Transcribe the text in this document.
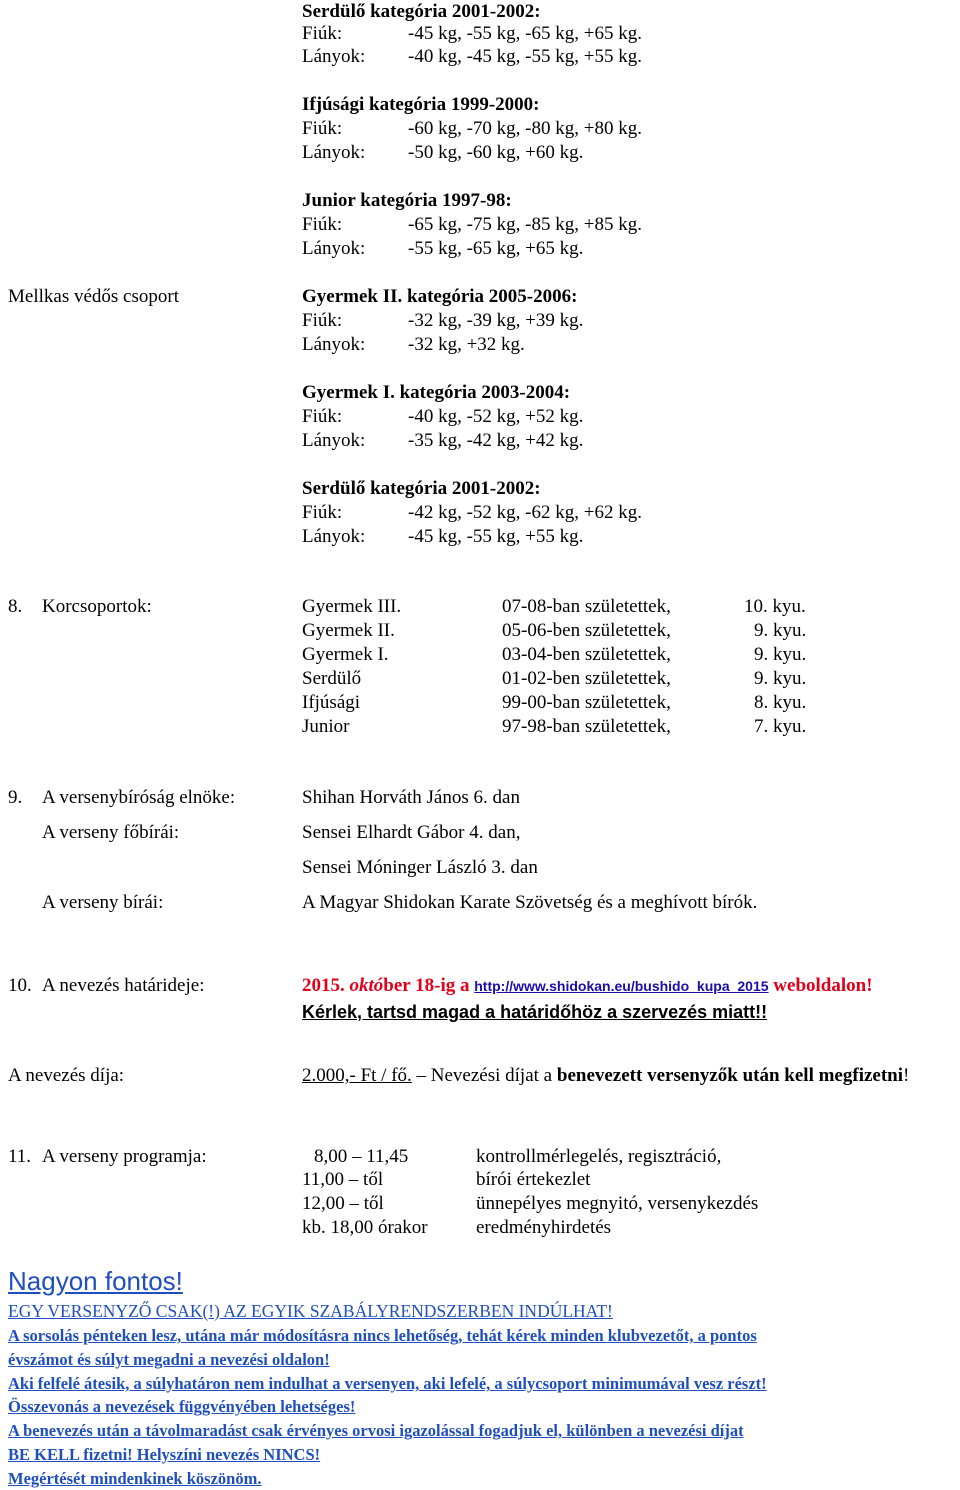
Serdülő kategória 2001-2002:
Fiúk:	-45 kg, -55 kg, -65 kg, +65 kg.
Lányok: -40 kg, -45 kg, -55 kg, +55 kg.
Ifjúsági kategória 1999-2000:
Fiúk:	-60 kg, -70 kg, -80 kg, +80 kg.
Lányok: -50 kg, -60 kg, +60 kg.
Junior kategória 1997-98:
Fiúk:	-65 kg, -75 kg, -85 kg, +85 kg.
Lányok: -55 kg, -65 kg, +65 kg.
Mellkas védős csoport	Gyermek II. kategória 2005-2006:
Fiúk:	-32 kg, -39 kg, +39 kg.
Lányok: -32 kg, +32 kg.
Gyermek I. kategória 2003-2004:
Fiúk:	-40 kg, -52 kg, +52 kg.
Lányok: -35 kg, -42 kg, +42 kg.
Serdülő kategória 2001-2002:
Fiúk:	-42 kg, -52 kg, -62 kg, +62 kg.
Lányok: -45 kg, -55 kg, +55 kg.
8. Korcsoportok:	Gyermek III.	07-08-ban születettek,	10. kyu.
Gyermek II.	05-06-ben születettek,	9. kyu.
Gyermek I.	03-04-ben születettek,	9. kyu.
Serdülő	01-02-ben születettek,	9. kyu.
Ifjúsági	99-00-ban születettek,	8. kyu.
Junior	97-98-ban születettek,	7. kyu.
9. A versenybíróság elnöke:	Shihan Horváth János 6. dan
A verseny főbírái:	Sensei Elhardt Gábor 4. dan,
Sensei Móninger László 3. dan
A verseny bírái:	A Magyar Shidokan Karate Szövetség és a meghívott bírók.
10. A nevezés határideje:	2015. október 18-ig a http://www.shidokan.eu/bushido_kupa_2015 weboldalon!
Kérlek, tartsd magad a határidőhöz a szervezés miatt!!
A nevezés díja:	2.000,- Ft / fő. – Nevezési díjat a benevezett versenyzők után kell megfizetni!
11. A verseny programja:	8,00 – 11,45	kontrollmérlegelés, regisztráció,
11,00 – től	bírói értekezlet
12,00 – től	ünnepélyes megnyitó, versenykezdés
kb. 18,00 órakor	eredményhirdetés
Nagyon fontos!
EGY VERSENYZŐ CSAK(!) AZ EGYIK SZABÁLYRENDSZERBEN INDÚLHAT!
A sorsolás pénteken lesz, utána már módosításra nincs lehetőség, tehát kérek minden klubvezetőt, a pontos
évszámot és súlyt megadni a nevezési oldalon!
Aki felfelé átesik, a súlyhatáron nem indulhat a versenyen, aki lefelé, a súlycsoport minimumával vesz részt!
Összevonás a nevezések függvényében lehetséges!
A benevezés után a távolmaradást csak érvényes orvosi igazolással fogadjuk el, különben a nevezési díjat
BE KELL fizetni! Helyszíni nevezés NINCS!
Megértését mindenkinek köszönöm.
